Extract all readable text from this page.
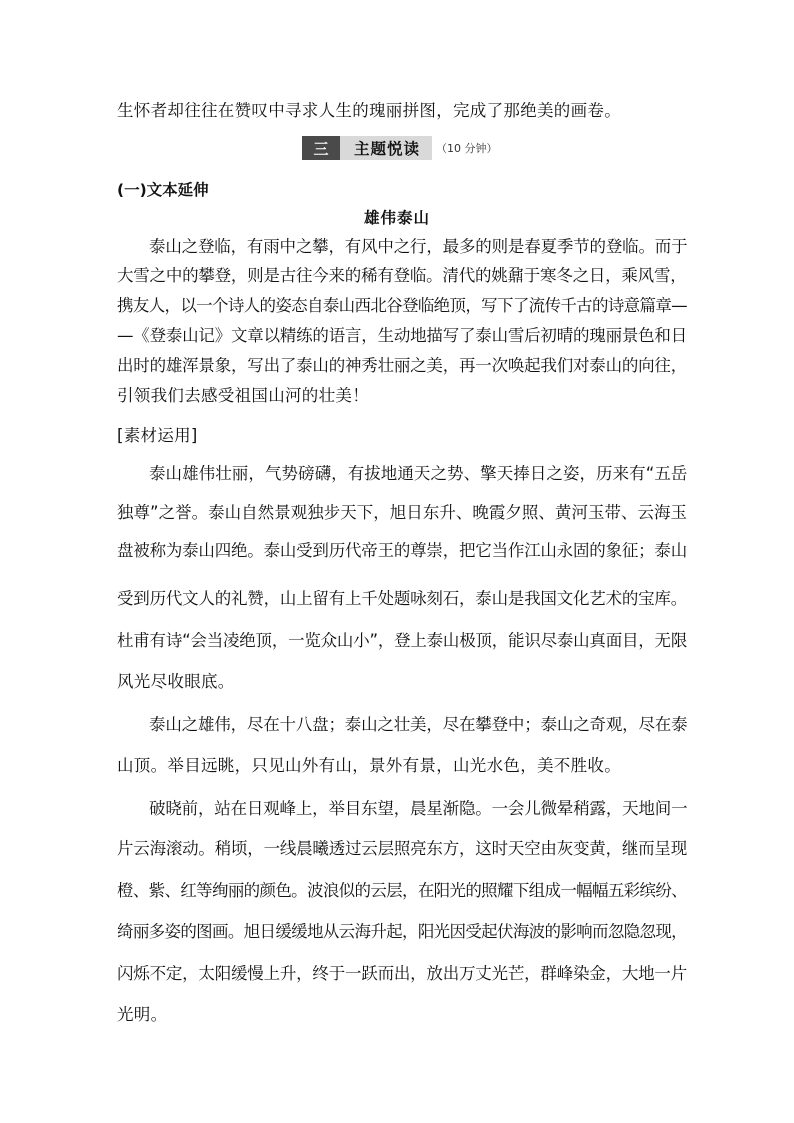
生怀者却往往在赞叹中寻求人生的瑰丽拼图，完成了那绝美的画卷。
三	主题悦读	（10 分钟）
(一)文本延伸
雄伟泰山
泰山之登临，有雨中之攀，有风中之行，最多的则是春夏季节的登临。而于
大雪之中的攀登，则是古往今来的稀有登临。清代的姚鼐于寒冬之日，乘风雪，
携友人，以一个诗人的姿态自泰山西北谷登临绝顶，写下了流传千古的诗意篇章—
—《登泰山记》文章以精练的语言，生动地描写了泰山雪后初晴的瑰丽景色和日
出时的雄浑景象，写出了泰山的神秀壮丽之美，再一次唤起我们对泰山的向往，
引领我们去感受祖国山河的壮美！
[素材运用]
泰山雄伟壮丽，气势磅礴，有拔地通天之势、擎天捧日之姿，历来有“五岳
独尊”之誉。泰山自然景观独步天下，旭日东升、晚霞夕照、黄河玉带、云海玉
盘被称为泰山四绝。泰山受到历代帝王的尊崇，把它当作江山永固的象征；泰山
受到历代文人的礼赞，山上留有上千处题咏刻石，泰山是我国文化艺术的宝库。
杜甫有诗“会当凌绝顶，一览众山小”，登上泰山极顶，能识尽泰山真面目，无限
风光尽收眼底。
泰山之雄伟，尽在十八盘；泰山之壮美，尽在攀登中；泰山之奇观，尽在泰
山顶。举目远眺，只见山外有山，景外有景，山光水色，美不胜收。
破晓前，站在日观峰上，举目东望，晨星渐隐。一会儿微晕稍露，天地间一
片云海滚动。稍顷，一线晨曦透过云层照亮东方，这时天空由灰变黄，继而呈现
橙、紫、红等绚丽的颜色。波浪似的云层，在阳光的照耀下组成一幅幅五彩缤纷、
绮丽多姿的图画。旭日缓缓地从云海升起，阳光因受起伏海波的影响而忽隐忽现，
闪烁不定，太阳缓慢上升，终于一跃而出，放出万丈光芒，群峰染金，大地一片
光明。
